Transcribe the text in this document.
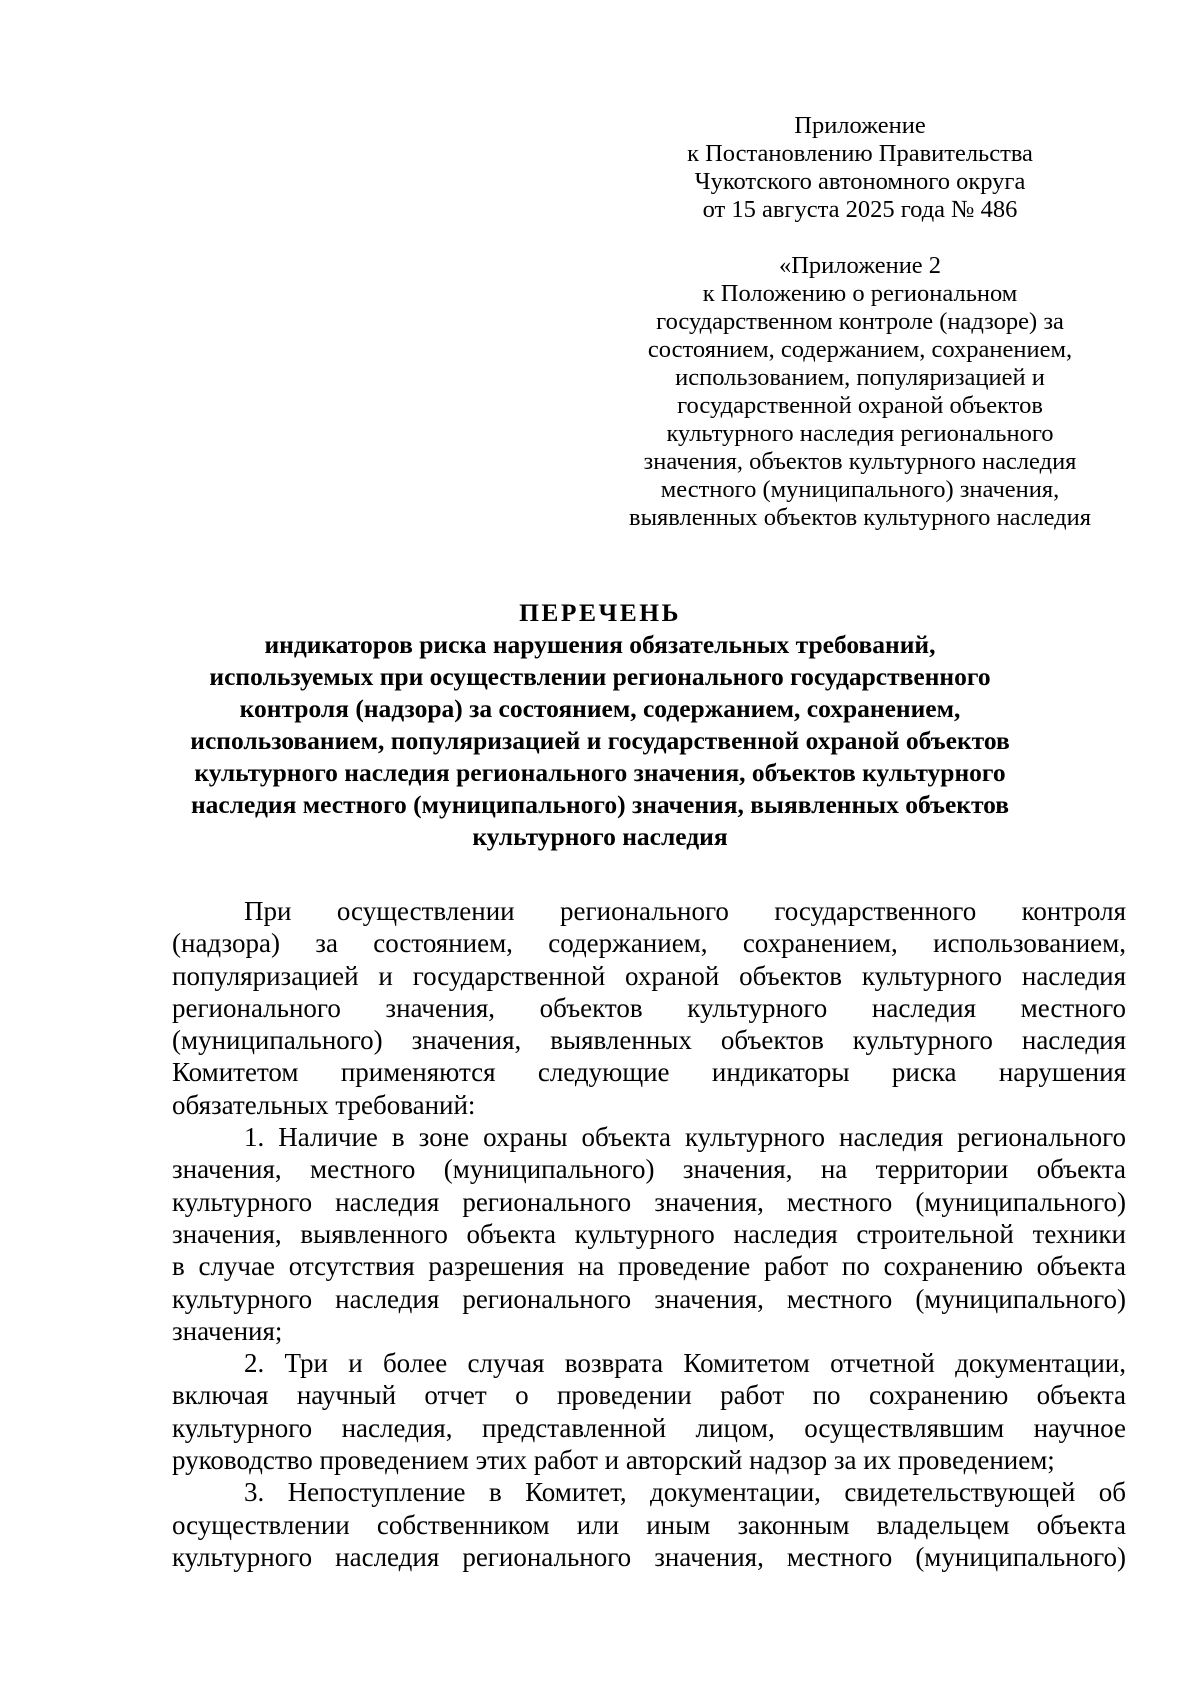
Приложение
к Постановлению Правительства
Чукотского автономного округа
от 15 августа 2025 года № 486
«Приложение 2
к Положению о региональном
государственном контроле (надзоре) за
состоянием, содержанием, сохранением,
использованием, популяризацией и
государственной охраной объектов
культурного наследия регионального
значения, объектов культурного наследия
местного (муниципального) значения,
выявленных объектов культурного наследия
ПЕРЕЧЕНЬ
индикаторов риска нарушения обязательных требований,
используемых при осуществлении регионального государственного
контроля (надзора) за состоянием, содержанием, сохранением,
использованием, популяризацией и государственной охраной объектов
культурного наследия регионального значения, объектов культурного
наследия местного (муниципального) значения, выявленных объектов
культурного наследия
При осуществлении регионального государственного контроля
(надзора) за состоянием, содержанием, сохранением, использованием,
популяризацией и государственной охраной объектов культурного наследия
регионального значения, объектов культурного наследия местного
(муниципального) значения, выявленных объектов культурного наследия
Комитетом применяются следующие индикаторы риска нарушения
обязательных требований:
1. Наличие в зоне охраны объекта культурного наследия регионального
значения, местного (муниципального) значения, на территории объекта
культурного наследия регионального значения, местного (муниципального)
значения, выявленного объекта культурного наследия строительной техники
в случае отсутствия разрешения на проведение работ по сохранению объекта
культурного наследия регионального значения, местного (муниципального)
значения;
2. Три и более случая возврата Комитетом отчетной документации,
включая научный отчет о проведении работ по сохранению объекта
культурного наследия, представленной лицом, осуществлявшим научное
руководство проведением этих работ и авторский надзор за их проведением;
3. Непоступление в Комитет, документации, свидетельствующей об
осуществлении собственником или иным законным владельцем объекта
культурного наследия регионального значения, местного (муниципального)
